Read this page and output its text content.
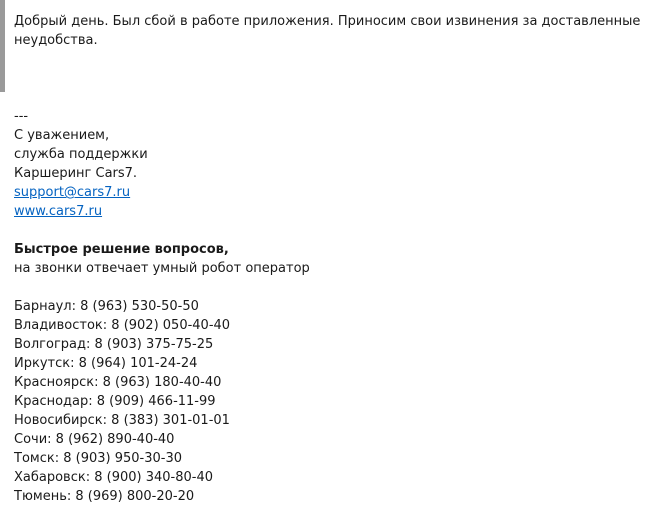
Добрый день. Был сбой в работе приложения. Приносим свои извинения за доставленные
неудобства.
---
С уважением,
служба поддержки
Каршеринг Cars7.
support@cars7.ru
www.cars7.ru
Быстрое решение вопросов,
на звонки отвечает умный робот оператор
Барнаул: 8 (963) 530-50-50
Владивосток: 8 (902) 050-40-40
Волгоград: 8 (903) 375-75-25
Иркутск: 8 (964) 101-24-24
Красноярск: 8 (963) 180-40-40
Краснодар: 8 (909) 466-11-99
Новосибирск: 8 (383) 301-01-01
Сочи: 8 (962) 890-40-40
Томск: 8 (903) 950-30-30
Хабаровск: 8 (900) 340-80-40
Тюмень: 8 (969) 800-20-20
